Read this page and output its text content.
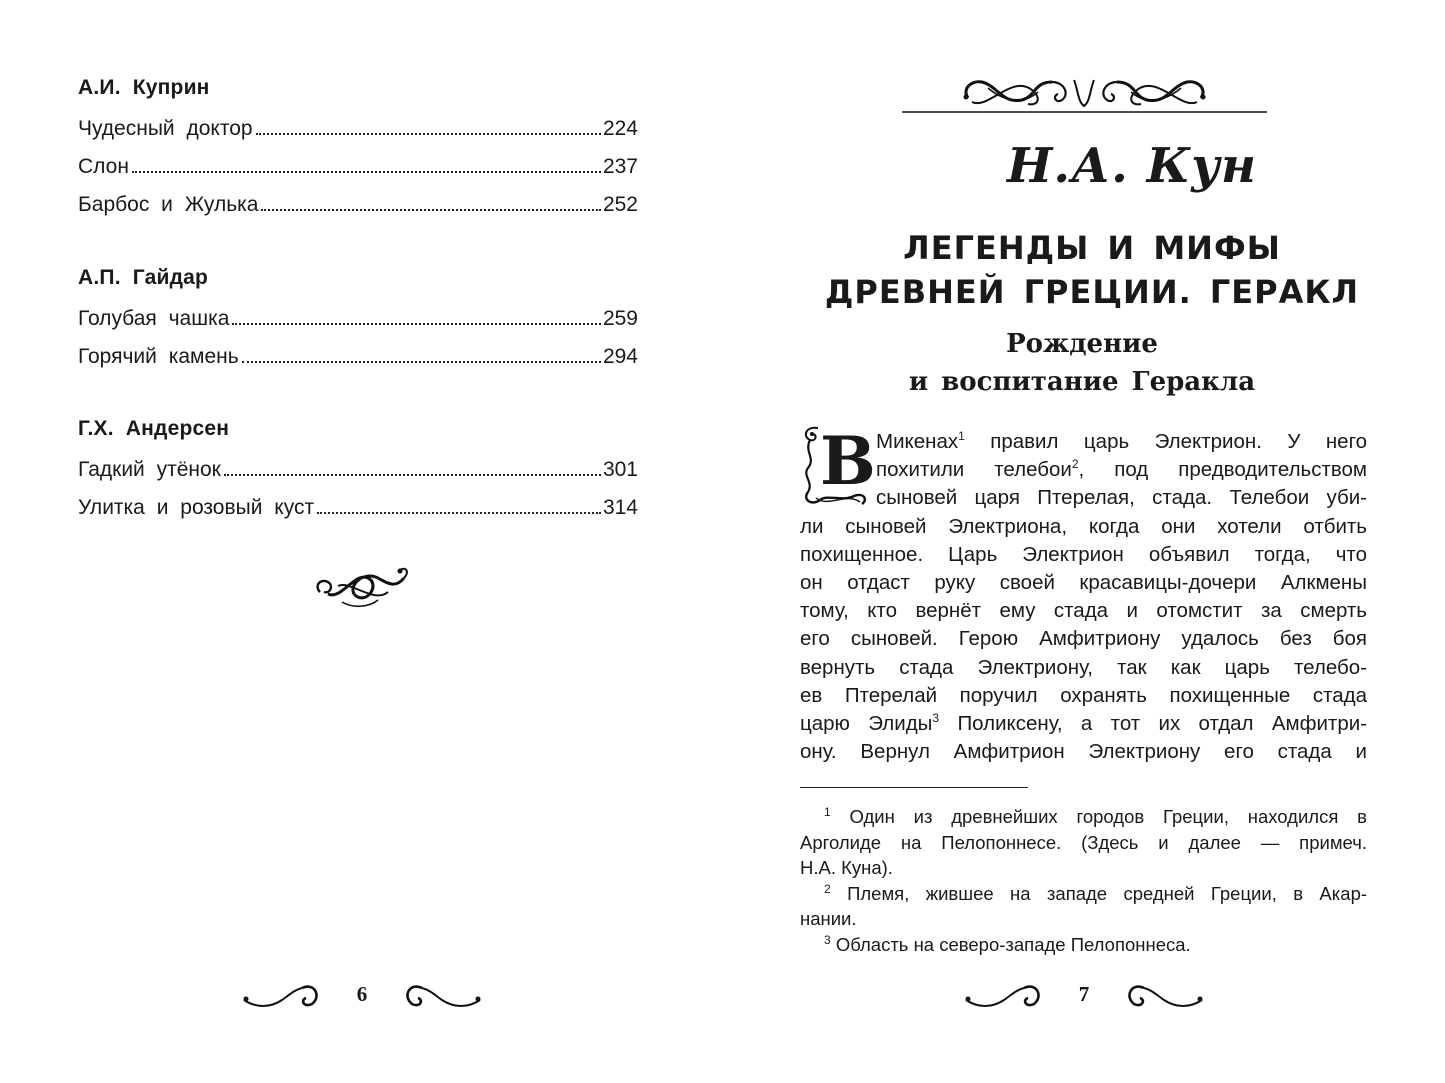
А.И. Куприн
Чудесный доктор	224
Слон	237
Барбос и Жулька	252
А.П. Гайдар
Голубая чашка	259
Горячий камень	294
Г.Х. Андерсен
Гадкий утёнок	301
Улитка и розовый куст	314
6
Н.А. Кун
ЛЕГЕНДЫ И МИФЫ
ДРЕВНЕЙ ГРЕЦИИ. ГЕРАКЛ
Рождение
и воспитание Геракла
В Микенах$^1$ правил царь Электрион. У него
похитили телебои$^2$, под предводительством
сыновей царя Птерелая, стада. Телебои уби-
ли сыновей Электриона, когда они хотели отбить
похищенное. Царь Электрион объявил тогда, что
он отдаст руку своей красавицы-дочери Алкмены
тому, кто вернёт ему стада и отомстит за смерть
его сыновей. Герою Амфитриону удалось без боя
вернуть стада Электриону, так как царь телебо-
ев Птерелай поручил охранять похищенные стада
царю Элиды$^3$ Поликсену, а тот их отдал Амфитри-
ону. Вернул Амфитрион Электриону его стада и
$^1$ Один из древнейших городов Греции, находился в
Арголиде на Пелопоннесе. (Здесь и далее — примеч.
Н.А. Куна).
$^2$ Племя, жившее на западе средней Греции, в Акар-
нании.
$^3$ Область на северо-западе Пелопоннеса.
7
